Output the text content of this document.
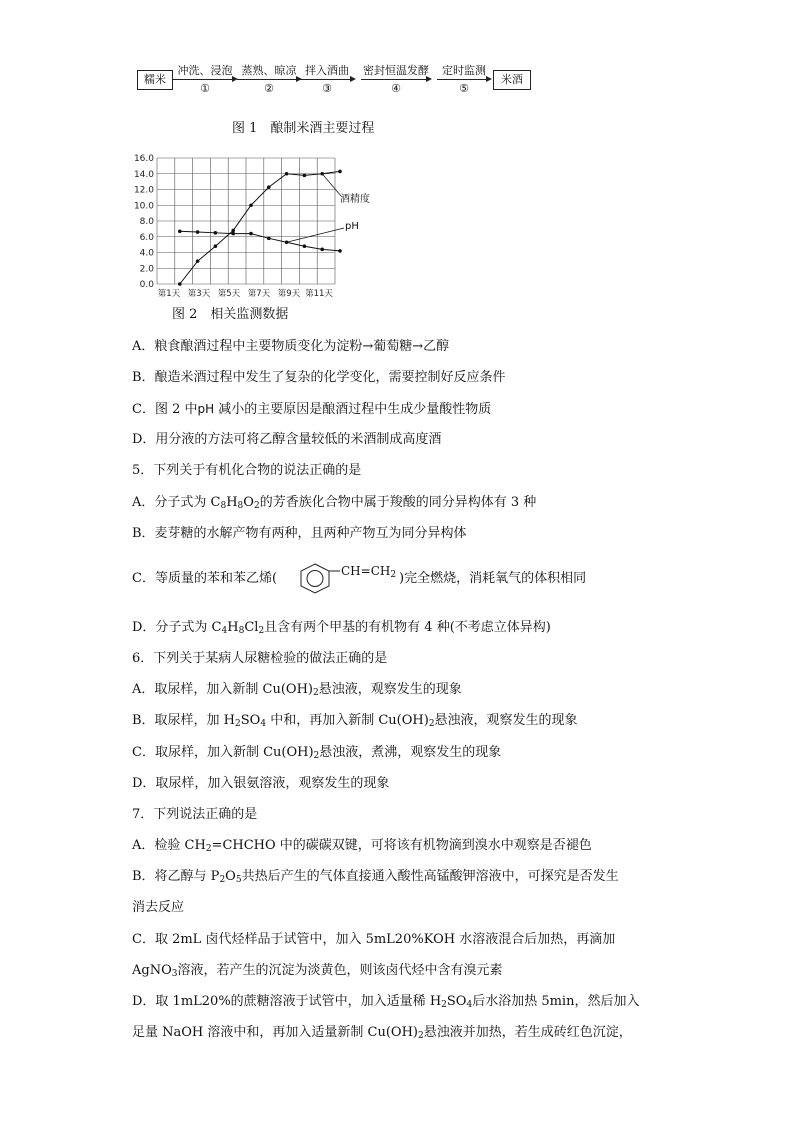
糯米
冲洗、浸泡
①
蒸熟、晾凉
②
拌入酒曲
③
密封恒温发酵
④
定时监测
⑤
米酒
图 1　酿制米酒主要过程
0.0
2.0
4.0
6.0
8.0
10.0
12.0
14.0
16.0
第1天 第3天 第5天 第7天 第9天 第11天
酒精度
pH
图 2　相关监测数据
A．粮食酿酒过程中主要物质变化为淀粉→葡萄糖→乙醇
B．酿造米酒过程中发生了复杂的化学变化，需要控制好反应条件
C．图 2 中pH 减小的主要原因是酿酒过程中生成少量酸性物质
D．用分液的方法可将乙醇含量较低的米酒制成高度酒
5．下列关于有机化合物的说法正确的是
A．分子式为 $C_8H_8O_2$的芳香族化合物中属于羧酸的同分异构体有 3 种
B．麦芽糖的水解产物有两种，且两种产物互为同分异构体
C．等质量的苯和苯乙烯(	)完全燃烧，消耗氧气的体积相同
$CH=CH_2$
D．分子式为 $C_4H_8Cl_2$且含有两个甲基的有机物有 4 种(不考虑立体异构)
6．下列关于某病人尿糖检验的做法正确的是
A．取尿样，加入新制 $Cu(OH)_2$悬浊液，观察发生的现象
B．取尿样，加 $H_2SO_4$ 中和，再加入新制 $Cu(OH)_2$悬浊液，观察发生的现象
C．取尿样，加入新制 $Cu(OH)_2$悬浊液，煮沸，观察发生的现象
D．取尿样，加入银氨溶液，观察发生的现象
7．下列说法正确的是
A．检验 $CH_2=CHCHO$ 中的碳碳双键，可将该有机物滴到溴水中观察是否褪色
B．将乙醇与 $P_2O_5$共热后产生的气体直接通入酸性高锰酸钾溶液中，可探究是否发生
消去反应
C．取 2mL 卤代烃样品于试管中，加入 5mL20%KOH 水溶液混合后加热，再滴加
AgNO$_3$溶液，若产生的沉淀为淡黄色，则该卤代烃中含有溴元素
D．取 1mL20%的蔗糖溶液于试管中，加入适量稀 $H_2SO_4$后水浴加热 5min，然后加入
足量 NaOH 溶液中和，再加入适量新制 $Cu(OH)_2$悬浊液并加热，若生成砖红色沉淀，
